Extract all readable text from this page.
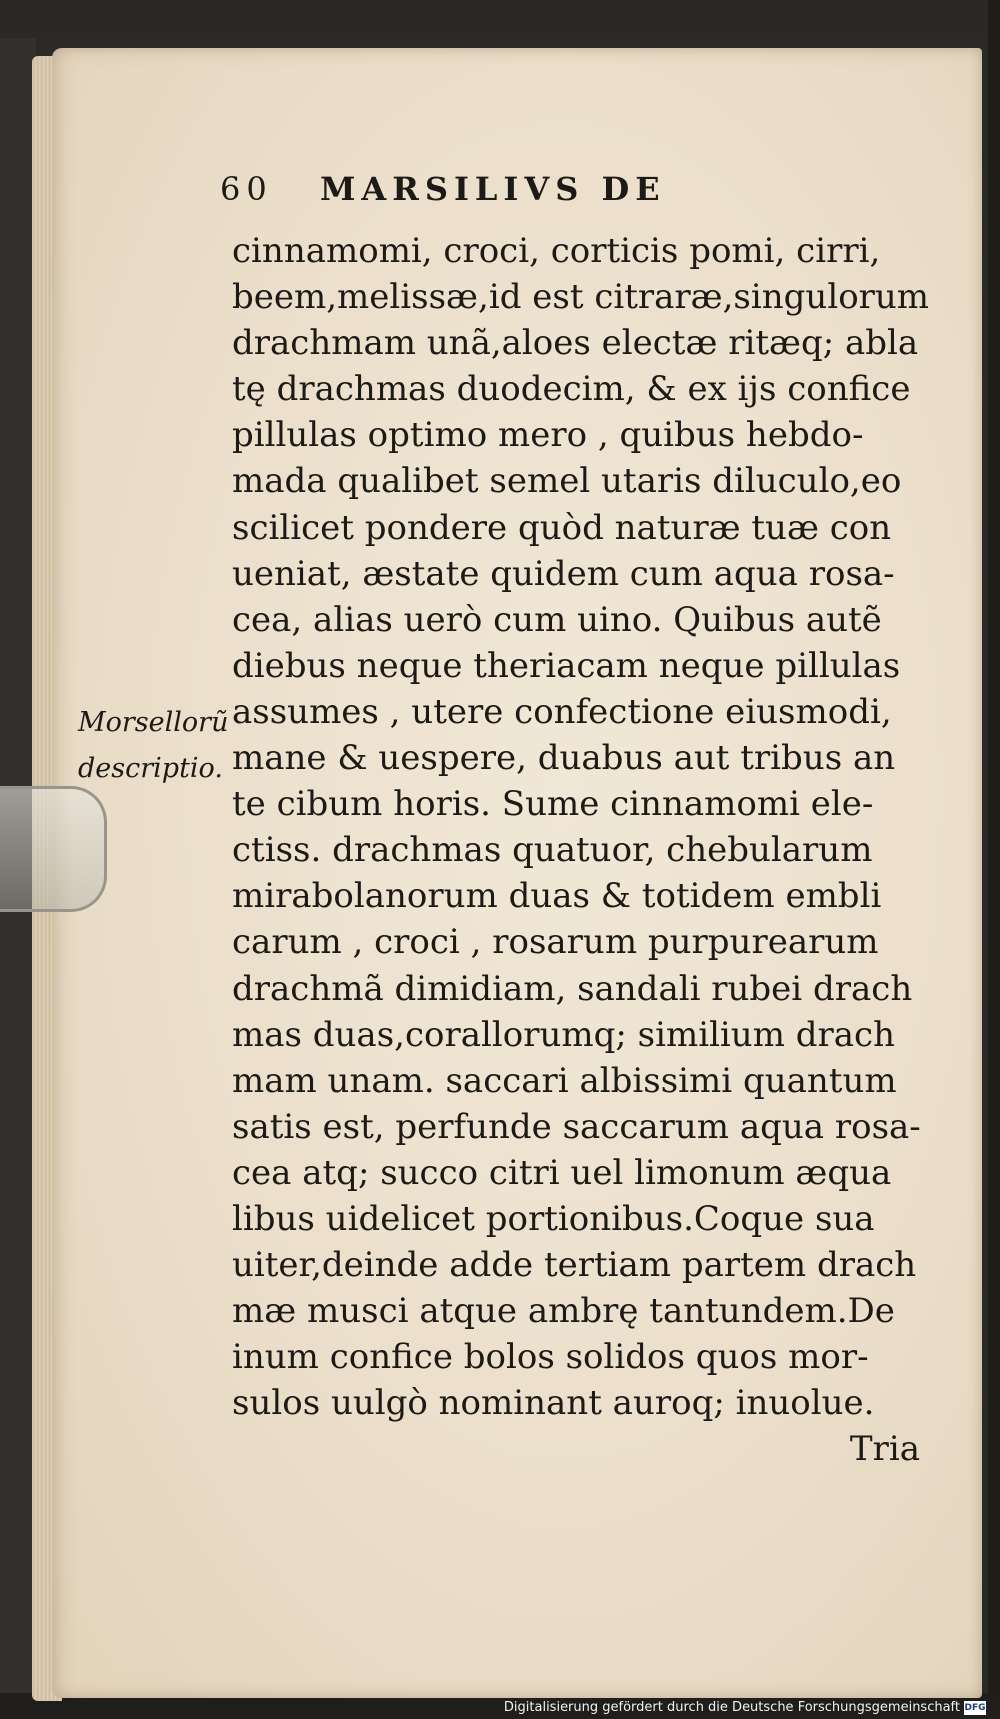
60

MARSILIVS DE

Morsellorũ
descriptio.
cinnamomi, croci, corticis pomi, cirri,
beem,melissæ,id est citraræ,singulorum
drachmam unã,aloes electæ ritæq; abla
tę drachmas duodecim, & ex ijs confice
pillulas optimo mero , quibus hebdo-
mada qualibet semel utaris diluculo,eo
scilicet pondere quòd naturæ tuæ con
ueniat, æstate quidem cum aqua rosa-
cea, alias uerò cum uino. Quibus autẽ
diebus neque theriacam neque pillulas
assumes , utere confectione eiusmodi,
mane & uespere, duabus aut tribus an
te cibum horis. Sume cinnamomi ele-
ctiss. drachmas quatuor, chebularum
mirabolanorum duas & totidem embli
carum , croci , rosarum purpurearum
drachmã dimidiam, sandali rubei drach
mas duas,corallorumq; similium drach
mam unam. saccari albissimi quantum
satis est, perfunde saccarum aqua rosa-
cea atq; succo citri uel limonum æqua
libus uidelicet portionibus.Coque sua
uiter,deinde adde tertiam partem drach
mæ musci atque ambrę tantundem.De
inum confice bolos solidos quos mor-
sulos uulgò nominant auroq; inuolue.
Tria
Digitalisierung gefördert durch die Deutsche Forschungsgemeinschaft DFG
